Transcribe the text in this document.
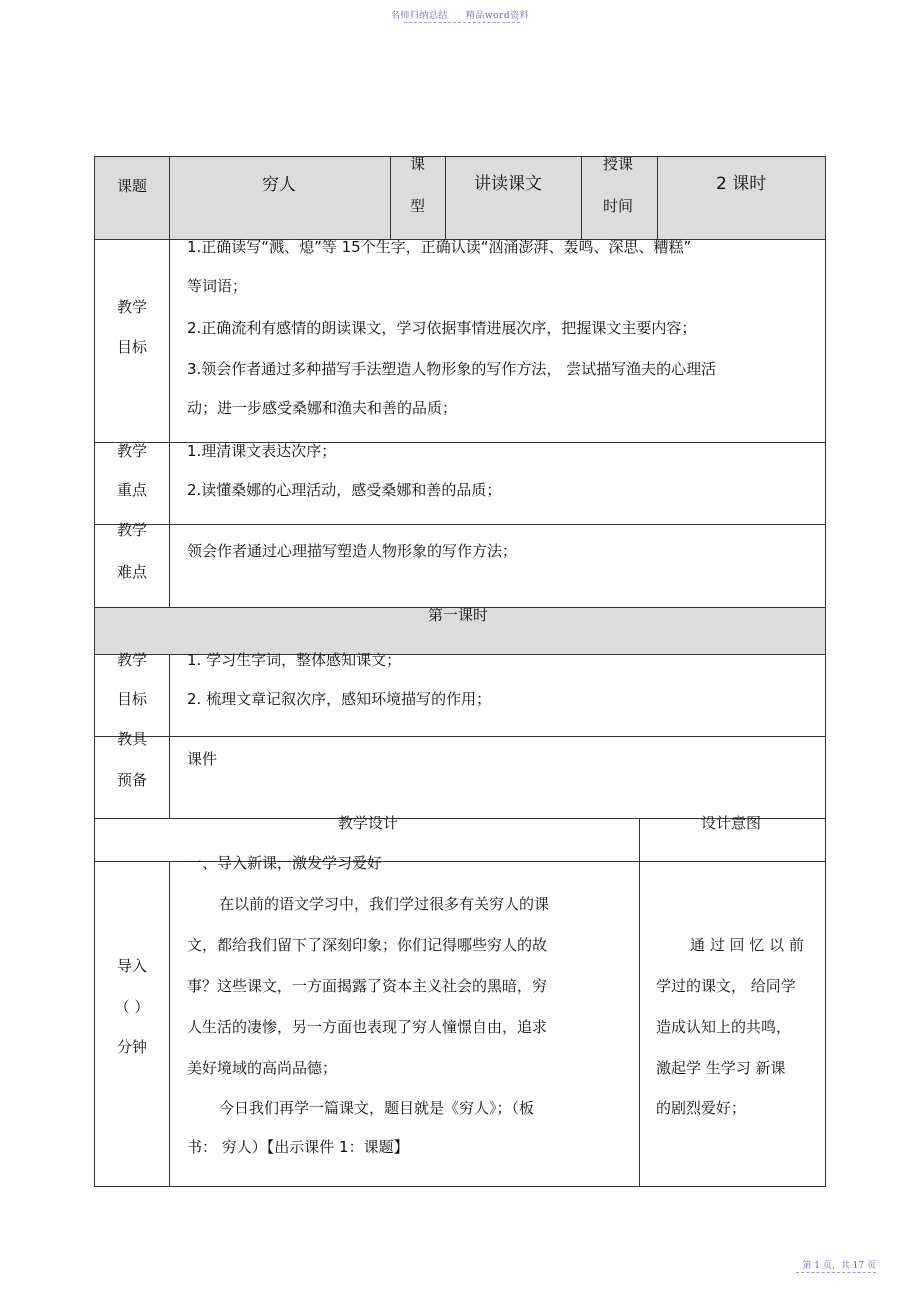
名师归纳总结 精品word资料
课题	穷人
课
型
讲读课文
授课
时间
2 课时
教学
目标
1.正确读写“溅、熄”等 15个生字，正确认读“汹涌澎湃、轰鸣、深思、糟糕”
等词语；
2.正确流利有感情的朗读课文，学习依据事情进展次序，把握课文主要内容；
3.领会作者通过多种描写手法塑造人物形象的写作方法， 尝试描写渔夫的心理活
动；进一步感受桑娜和渔夫和善的品质；
教学
重点
1.理清课文表达次序；
2.读懂桑娜的心理活动，感受桑娜和善的品质；
教学
难点
领会作者通过心理描写塑造人物形象的写作方法；
第一课时
教学
目标
1. 学习生字词，整体感知课文；
2. 梳理文章记叙次序，感知环境描写的作用；
教具
预备
课件
教学设计	设计意图
导入
（ ）
分钟
一、导入新课，激发学习爱好
在以前的语文学习中，我们学过很多有关穷人的课
文，都给我们留下了深刻印象；你们记得哪些穷人的故
事？这些课文，一方面揭露了资本主义社会的黑暗，穷
人生活的凄惨，另一方面也表现了穷人憧憬自由，追求
美好境域的高尚品德；
今日我们再学一篇课文，题目就是《穷人》；（板
书： 穷人）【出示课件 1：课题】
通 过 回 忆 以 前
学过的课文， 给同学
造成认知上的共鸣，
激起学 生学习 新课
的剧烈爱好；
第 1 页，共 17 页
